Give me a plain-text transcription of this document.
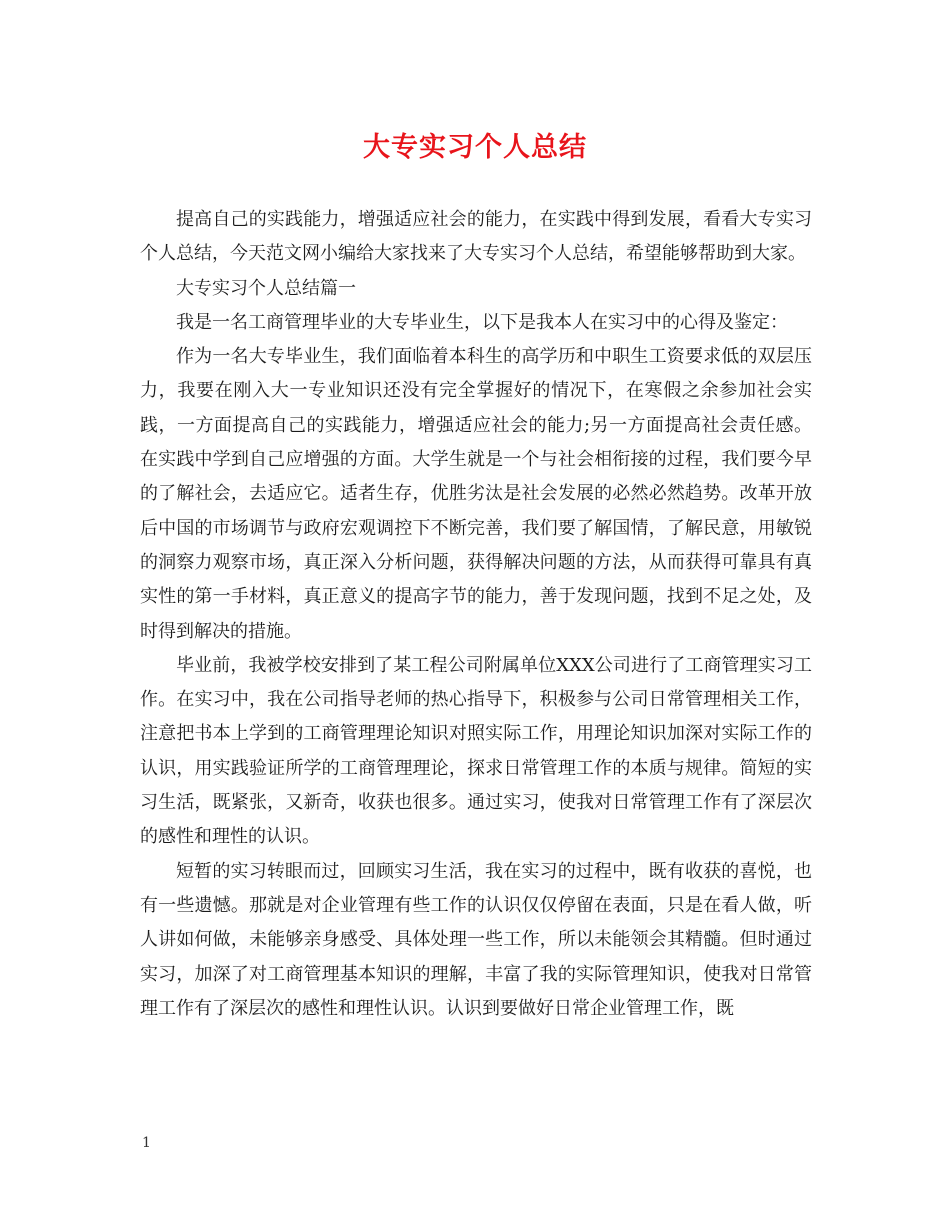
大专实习个人总结

提高自己的实践能力，增强适应社会的能力，在实践中得到发展，看看大专实习个人总结，今天范文网小编给大家找来了大专实习个人总结，希望能够帮助到大家。

大专实习个人总结篇一

我是一名工商管理毕业的大专毕业生，以下是我本人在实习中的心得及鉴定：

作为一名大专毕业生，我们面临着本科生的高学历和中职生工资要求低的双层压力，我要在刚入大一专业知识还没有完全掌握好的情况下，在寒假之余参加社会实践，一方面提高自己的实践能力，增强适应社会的能力;另一方面提高社会责任感。在实践中学到自己应增强的方面。大学生就是一个与社会相衔接的过程，我们要今早的了解社会，去适应它。适者生存，优胜劣汰是社会发展的必然必然趋势。改革开放后中国的市场调节与政府宏观调控下不断完善，我们要了解国情，了解民意，用敏锐的洞察力观察市场，真正深入分析问题，获得解决问题的方法，从而获得可靠具有真实性的第一手材料，真正意义的提高字节的能力，善于发现问题，找到不足之处，及时得到解决的措施。

毕业前，我被学校安排到了某工程公司附属单位XXX公司进行了工商管理实习工作。在实习中，我在公司指导老师的热心指导下，积极参与公司日常管理相关工作，注意把书本上学到的工商管理理论知识对照实际工作，用理论知识加深对实际工作的认识，用实践验证所学的工商管理理论，探求日常管理工作的本质与规律。简短的实习生活，既紧张，又新奇，收获也很多。通过实习，使我对日常管理工作有了深层次的感性和理性的认识。

短暂的实习转眼而过，回顾实习生活，我在实习的过程中，既有收获的喜悦，也有一些遗憾。那就是对企业管理有些工作的认识仅仅停留在表面，只是在看人做，听人讲如何做，未能够亲身感受、具体处理一些工作，所以未能领会其精髓。但时通过实习，加深了对工商管理基本知识的理解，丰富了我的实际管理知识，使我对日常管理工作有了深层次的感性和理性认识。认识到要做好日常企业管理工作，既

1
